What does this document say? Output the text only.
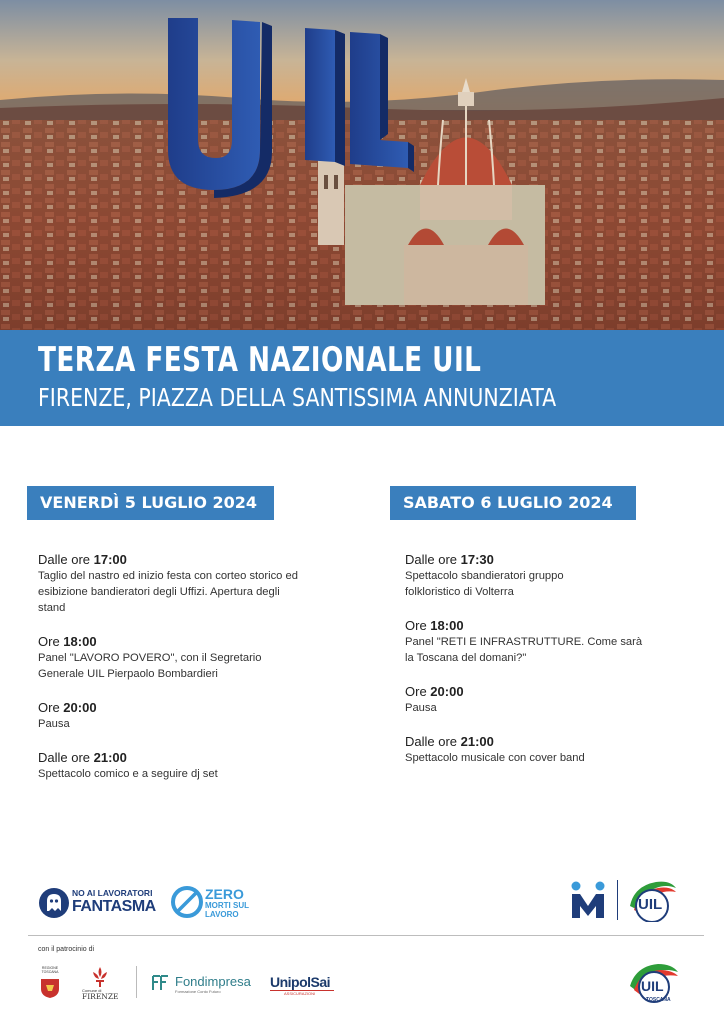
TERZA FESTA NAZIONALE UIL
FIRENZE, PIAZZA DELLA SANTISSIMA ANNUNZIATA
VENERDÌ 5 LUGLIO 2024	SABATO 6 LUGLIO 2024
Dalle ore 17:00
Taglio del nastro ed inizio festa con corteo storico ed esibizione bandieratori degli Uffizi. Apertura degli stand
Ore 18:00
Panel "LAVORO POVERO", con il Segretario Generale UIL Pierpaolo Bombardieri
Ore 20:00
Pausa
Dalle ore 21:00
Spettacolo comico e a seguire dj set
Dalle ore 17:30
Spettacolo sbandieratori gruppo folkloristico di Volterra
Ore 18:00
Panel "RETI E INFRASTRUTTURE. Come sarà la Toscana del domani?"
Ore 20:00
Pausa
Dalle ore 21:00
Spettacolo musicale con cover band
NO AI LAVORATORI
FANTASMA
ZERO
MORTI SUL
LAVORO
UIL
con il patrocinio di
REGIONE TOSCANA
Comune di
FIRENZE
Fondimpresa
Formazione Conto Futuro
UnipolSai
ASSICURAZIONI	UIL
TOSCANA
